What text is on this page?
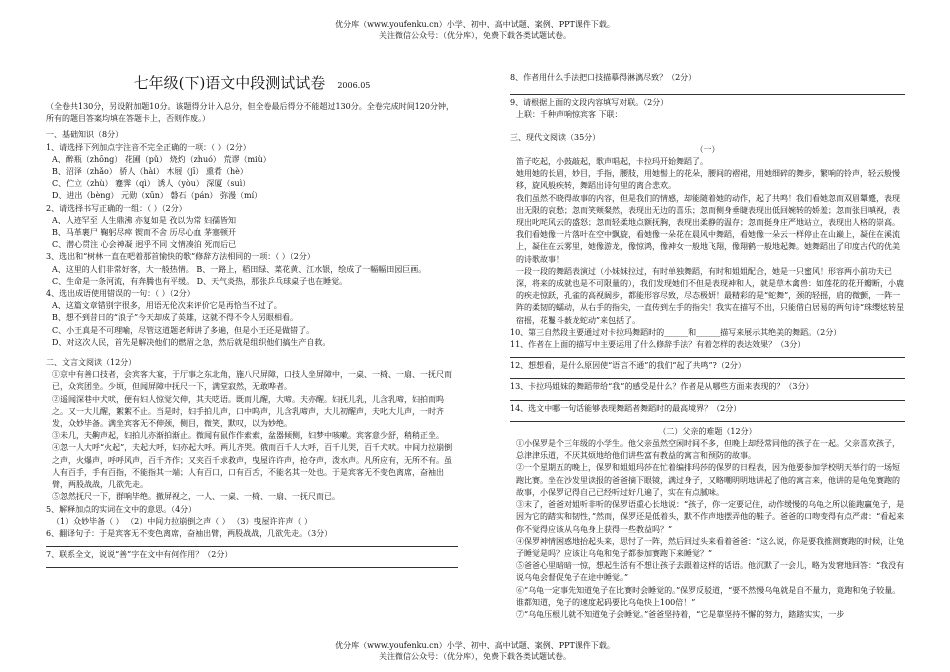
优分库（www.youfenku.cn）小学、初中、高中试题、案例、PPT课件下载。
关注微信公众号：（优分库），免费下载各类试题试卷。
七年级(下)语文中段测试试卷 2006.05

（全卷共130分，另设附加题10分。该题得分计入总分，但全卷最后得分不能超过130分。全卷完成时间120分钟，所有的题目答案均填在答题卡上，否则作废。）

一、基础知识（8分）

1、请选择下列加点字注音不完全正确的一项：（ ）（2分）

A、醉瓶（zhōng） 花圃（pǔ） 烧灼（zhuó） 荒谬（miù）

B、沼泽（zhǎo） 骄人（hài） 木屐（jī） 熏肴（hè）

C、伫立（zhù） 蹇霁（qì） 诱人（yòu） 深厦（suì）

D、进出（bèng） 元勋（xūn） 磐石（pán） 弥漫（mí）

2、请选择书写正确的一组：（ ）（2分）

A、人迹罕至 人生鼎沸 亦复如是 孜以为常 妇孺皆知

B、马革裹尸 鞠躬尽瘁 锲而不舍 历尽心血 茅塞顿开

C、潜心贯注 心会神凝 迥乎不同 文情凑泊 死而后已

3、选出和“树林一直在吧着那首愉快的歌”修辞方法相同的一项：（ ）（2分）

A、这里的人们非常好客，大一般热情。 B、一路上，稻田绿、菜花黄、江水银，绘成了一幅幅田园巨画。

C、生命是一条河流，有奔腾也有平缓。 D、天气炎热，那张乒乓球桌子也在睡觉。

4、选出成语使用错误的一句：（ ）（2分）

A、这篇文章错别字很多，用语无伦次来评价它是再恰当不过了。

B、想不到昔日的“浪子”今天却成了英雄，这就不得不令人另眼相看。

C、小王真是不可理喻，尽管这道题老师讲了多遍，但是小王还是做错了。

D、对这次人民，首先是解决他们的燃眉之急，然后就是组织他们搞生产自救。

二、文言文阅读（12分）

①京中有善口技者，会宾客大宴，于厅事之东北角，施八尺屏障，口技人坐屏障中，一桌、一椅、一扇、一抚尺而已，众宾团坐。少顷，但闻屏障中抚尺一下，满堂寂然，无敢哗者。

②遥闻深巷中犬吠，便有妇人惊觉欠伸，其夫呓语。既而儿醒，大啼。夫亦醒。妇抚儿乳，儿含乳啼，妇拍而呜之。又一大儿醒，絮絮不止。当是时，妇手拍儿声，口中呜声，儿含乳啼声，大儿初醒声，夫叱大儿声，一时齐发，众妙毕备。满坐宾客无不伸颈，侧目，微笑，默叹，以为妙绝。

③未几，夫齁声起，妇拍儿亦渐拍渐止。微闻有鼠作作索索，盆器倾侧，妇梦中咳嗽。宾客意少舒，稍稍正坐。

④忽一人大呼“火起”，夫起大呼，妇亦起大呼。两儿齐哭。俄而百千人大呼，百千儿哭，百千犬吠。中间力拉崩倒之声，火爆声，呼呼风声，百千齐作；又夹百千求救声，曳屋许许声，抢夺声，泼水声。凡所应有，无所不有。虽人有百手，手有百指，不能指其一端；人有百口，口有百舌，不能名其一处也。于是宾客无不变色离席，奋袖出臂，两股战战，几欲先走。

⑤忽然抚尺一下，群响毕绝。撤屏视之，一人、一桌、一椅、一扇、一抚尺而已。

5、解释加点的实词在文中的意思。（4分）

（1）众妙毕备（ ） （2）中间力拉崩倒之声（ ） （3）曳屋许许声（ ）

6、翻译句子：于是宾客无不变色离席，奋袖出臂，两股战战，几欲先走。（3分）

7、联系全文，说说“善”字在文中有何作用？（2分）

8、作者用什么手法把口技描摹得淋漓尽致？（2分）

9、请根据上面的文段内容填写对联。（2分）

上联：千种声响惊宾客 下联：

三、现代文阅读（35分）

（一）

笛子吃起，小鼓敲起，歌声唱起，卡拉玛开始舞蹈了。

她用她的长眉，妙目，手指，腰肢，用她髻上的花朵，腰间的褶裙，用她细碎的舞步，繁响的铃声，轻云般慢移，旋风般疾转，舞蹈出诗句里的离合悲欢。

我们虽然不晓得故事的内容，但是我们的情感，却能随着她的动作，起了共鸣！我们看她忽而双眉颦蹙，表现出无限的哀愁；忽而笑颊粲然，表现出无边的喜乐；忽而侧身垂睫表现出低回婉转的娇羞；忽而张目嗔视，表现出叱咤风云的盛怒；忽而轻柔地点额抚胸，表现出柔静的温存；忽而挺身庄严地站立，表现出人格的崇高。我们看她像一片落叶在空中飘旋，看她像一朵花在晨风中舞蹈，看她像一朵云一样停止在山巅上，凝住在溪流上，凝住在云雾里，她像游龙，像惊鸿，像神女一般地飞翔，像翔鹤一般地起舞。她舞蹈出了印度古代的优美的诗歌故事！

一段一段的舞蹈表演过（小妹妹拉过，有时单独舞蹈，有时和姐姐配合，她是一只蜜风！形容两小前功夫已深，将来的成就也是不可限量的），我们发现她们不但是表现神和人，就是草木禽兽：如莲花的花开瓣断，小鹿的疾走惊跃，孔雀的高视阔步，都能形容尽致，尽态极妍！最精彩的是“蛇舞”，颈的轻摇，肩的微颤，一阵一阵的柔韧的蠕动，从右手的指尖，一直传到左手的指尖！我实在描写不出，只能借白居易的两句诗“珠缨炫转星宿摇，花鬘斗薮龙蛇动”来包括了。

10、第三自然段主要通过对卡拉玛舞蹈时的______和______描写来展示其绝美的舞蹈。（2分）

11、作者在上面的描写中主要运用了什么修辞手法？有着怎样的表达效果？（3分）

12、想想看，是什么原因使“语言不通”的我们“起了共鸣”?（2分）

13、卡拉玛姐妹的舞蹈带给“我”的感受是什么？作者是从哪些方面来表现的？（3分）

14、选文中哪一句话能够表现舞蹈者舞蹈时的最高境界？（2分）

（二）父亲的难题（12分）

①小保罗是个三年级的小学生。他父亲虽然空闲时间不多，但晚上却经常同他的孩子在一起。父亲喜欢孩子，总津津乐道，不厌其烦地给他们讲些富有教益的寓言和预防的故事。

②一个星期五的晚上，保罗和姐姐玛莎在忙着编排玛莎的保罗的日程表，因为他要参加学校明天举行的一场短跑比赛。坐在沙发里读报的爸爸摘下眼镜，满过身子，又略嘲明明地讲起了他的寓言来，他讲的是龟兔赛跑的故事，小保罗记得自己已经听过好几遍了，实在有点腻味。

③末了，爸爸对姐听非听的保罗语重心长地说：“孩子，你一定要记住，动作缓慢的乌龟之所以能跑赢兔子，是因为它的踏实和韧性，”然而，保罗还是低着头，默不作声地摆弄他的鞋子。爸爸的口吻变得有点严肃：“看起来你不觉得应该从乌龟身上获得一些教益吗？”

④保罗神情困惑地抬起头来，思忖了一阵，然后回过头来看着爸爸：“这么说，你是要我推测赛跑的时候，让兔子睡觉是吗？应该让乌龟和兔子都参加赛跑下来睡觉？”

⑤爸爸心里暗暗一惊，想起生活有不想让孩子去跟着这样的话语。他沉默了一会儿，略为发窘地回答：“我没有说乌龟会督促兔子在途中睡觉。”

⑥“乌龟一定事先知道兔子在比赛时会睡觉的。”保罗反驳道，“要不然慢乌龟就是自不量力，竟跑和兔子较量。谁都知道，兔子的速度起码要比乌龟快上100倍！”

⑦“乌龟压根儿就不知道兔子会睡觉。”爸爸坚持着，“它是靠坚持不懈的努力，踏踏实实，一步

优分库（www.youfenku.cn）小学、初中、高中试题、案例、PPT课件下载。
关注微信公众号：（优分库），免费下载各类试题试卷。
